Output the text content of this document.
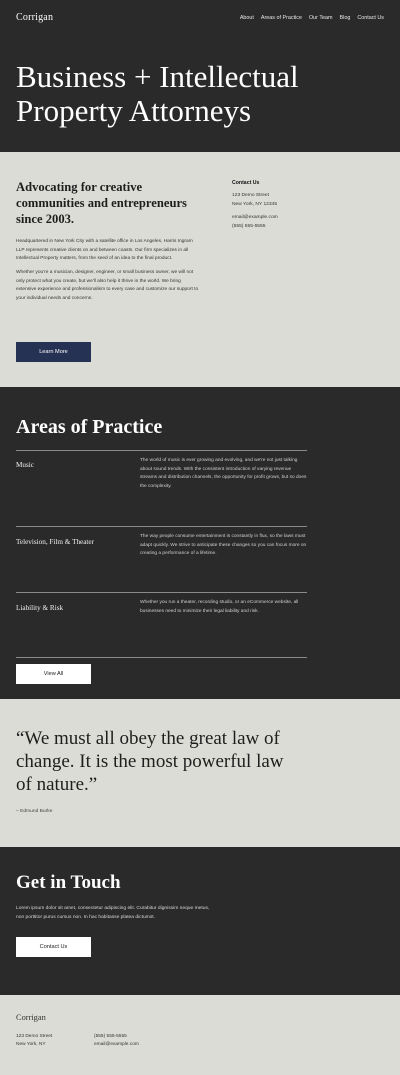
Corrigan	About Areas of Practice Our Team Blog Contact Us
Business + Intellectual
Property Attorneys
Advocating for creative communities and entrepreneurs since 2003.

Headquartered in New York City with a satellite office in Los Angeles, Harris Ingram LLP represents creative clients on and between coasts. Our firm specializes in all Intellectual Property matters, from the seed of an idea to the final product.

Whether you're a musician, designer, engineer, or small business owner, we will not only protect what you create, but we'll also help it thrive in the world. We bring extensive experience and professionalism to every case and customize our support to your individual needs and concerns.

Learn More
Contact Us
123 Demo Street
New York, NY 12345
email@example.com
(555) 555-5555
Areas of Practice
Music
The world of music is ever growing and evolving, and we're not just talking about sound trends. With the consistent introduction of varying revenue streams and distribution channels, the opportunity for profit grows, but so does the complexity.
Television, Film & Theater
The way people consume entertainment is constantly in flux, so the laws must adapt quickly. We strive to anticipate these changes so you can focus more on creating a performance of a lifetime.
Liability & Risk
Whether you run a theater, recording studio, or an eCommerce website, all businesses need to minimize their legal liability and risk.
View All
“We must all obey the great law of change. It is the most powerful law of nature.”
– Edmund Burke
Get in Touch

Lorem ipsum dolor sit amet, consectetur adipiscing elit. Curabitur dignissim neque metus, non porttitor purus cursus non. In hac habitasse platea dictumst.

Contact Us
Corrigan
123 Demo Street
New York, NY
(555) 555-5555
email@example.com
